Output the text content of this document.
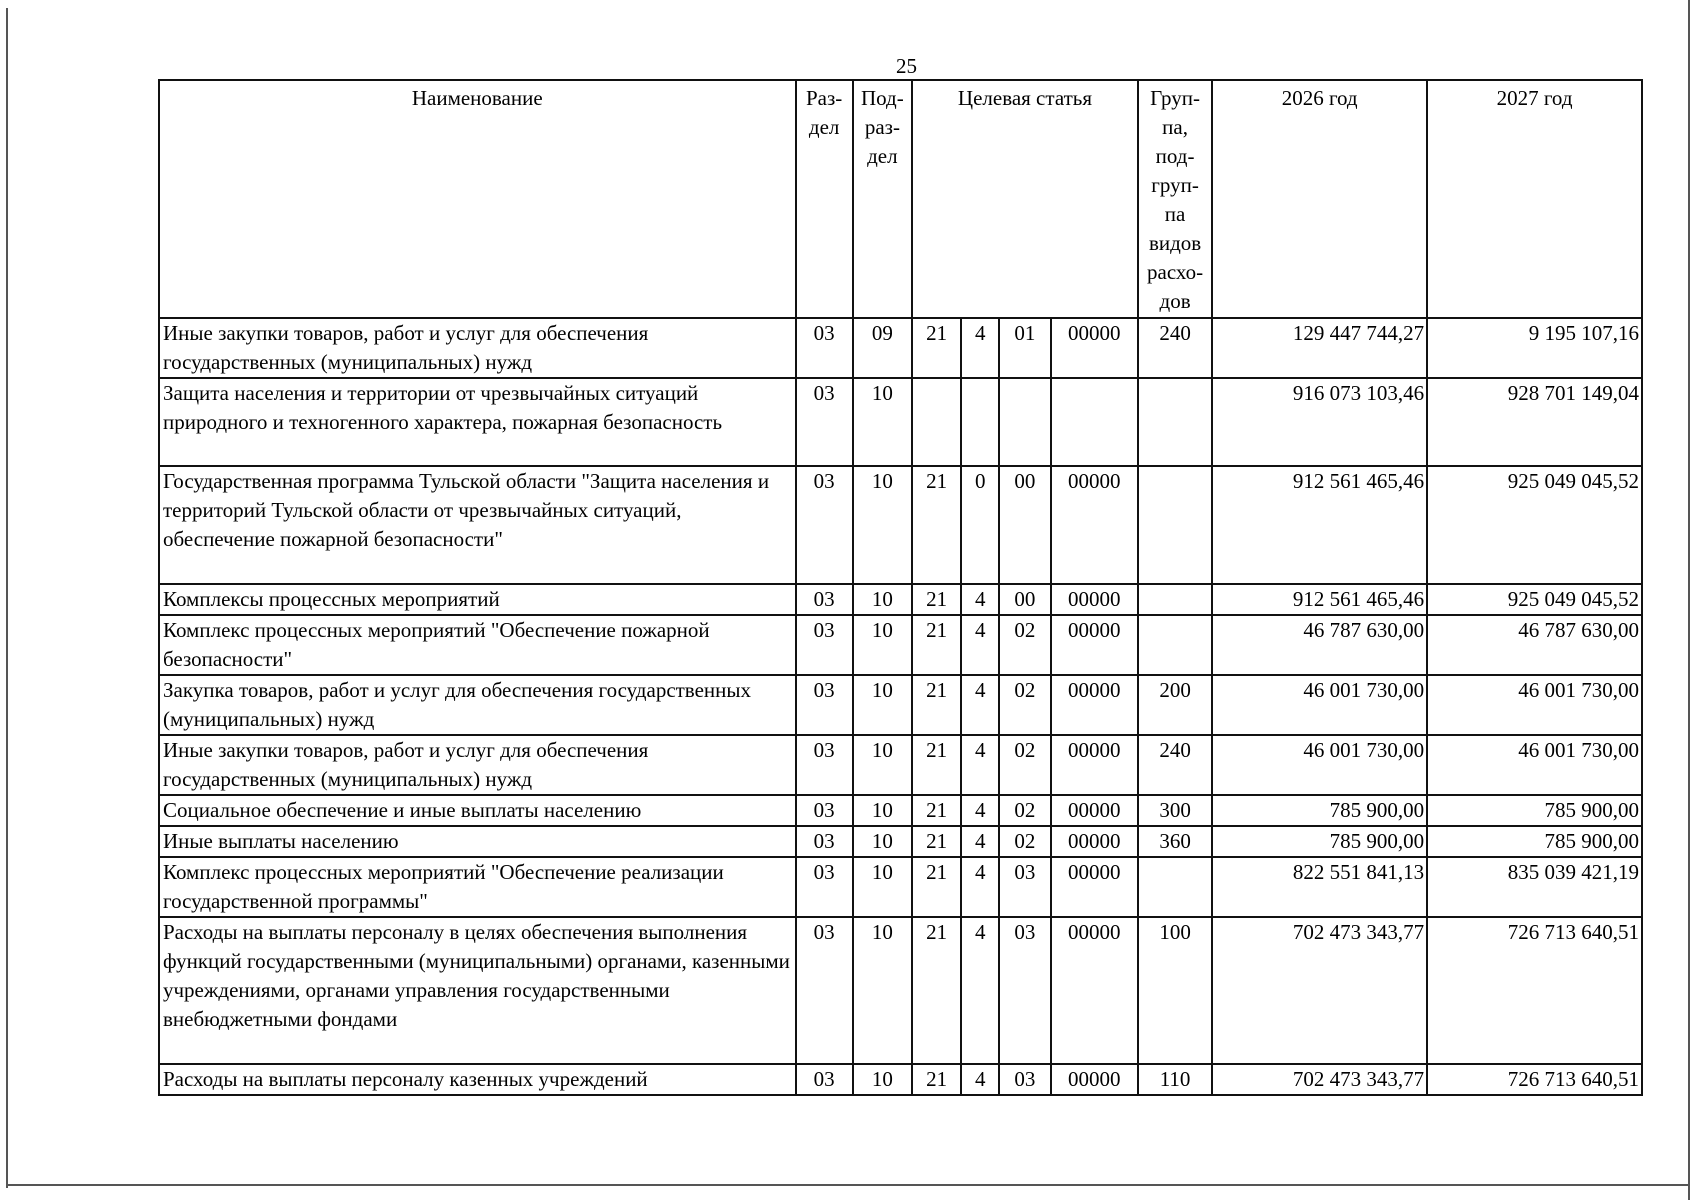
25
Наименование	Раз-дел	Под-раз-дел	Целевая статья				Груп-па, под-груп-па видов расхо-дов	2026 год	2027 год
Иные закупки товаров, работ и услуг для обеспечения государственных (муниципальных) нужд	03	09	21	4	01	00000	240	129 447 744,27	9 195 107,16
Защита населения и территории от чрезвычайных ситуаций природного и техногенного характера, пожарная безопасность	03	10						916 073 103,46	928 701 149,04
Государственная программа Тульской области "Защита населения и территорий Тульской области от чрезвычайных ситуаций, обеспечение пожарной безопасности"	03	10	21	0	00	00000		912 561 465,46	925 049 045,52
Комплексы процессных мероприятий	03	10	21	4	00	00000		912 561 465,46	925 049 045,52
Комплекс процессных мероприятий "Обеспечение пожарной безопасности"	03	10	21	4	02	00000		46 787 630,00	46 787 630,00
Закупка товаров, работ и услуг для обеспечения государственных (муниципальных) нужд	03	10	21	4	02	00000	200	46 001 730,00	46 001 730,00
Иные закупки товаров, работ и услуг для обеспечения государственных (муниципальных) нужд	03	10	21	4	02	00000	240	46 001 730,00	46 001 730,00
Социальное обеспечение и иные выплаты населению	03	10	21	4	02	00000	300	785 900,00	785 900,00
Иные выплаты населению	03	10	21	4	02	00000	360	785 900,00	785 900,00
Комплекс процессных мероприятий "Обеспечение реализации государственной программы"	03	10	21	4	03	00000		822 551 841,13	835 039 421,19
Расходы на выплаты персоналу в целях обеспечения выполнения функций государственными (муниципальными) органами, казенными учреждениями, органами управления государственными внебюджетными фондами	03	10	21	4	03	00000	100	702 473 343,77	726 713 640,51
Расходы на выплаты персоналу казенных учреждений	03	10	21	4	03	00000	110	702 473 343,77	726 713 640,51
